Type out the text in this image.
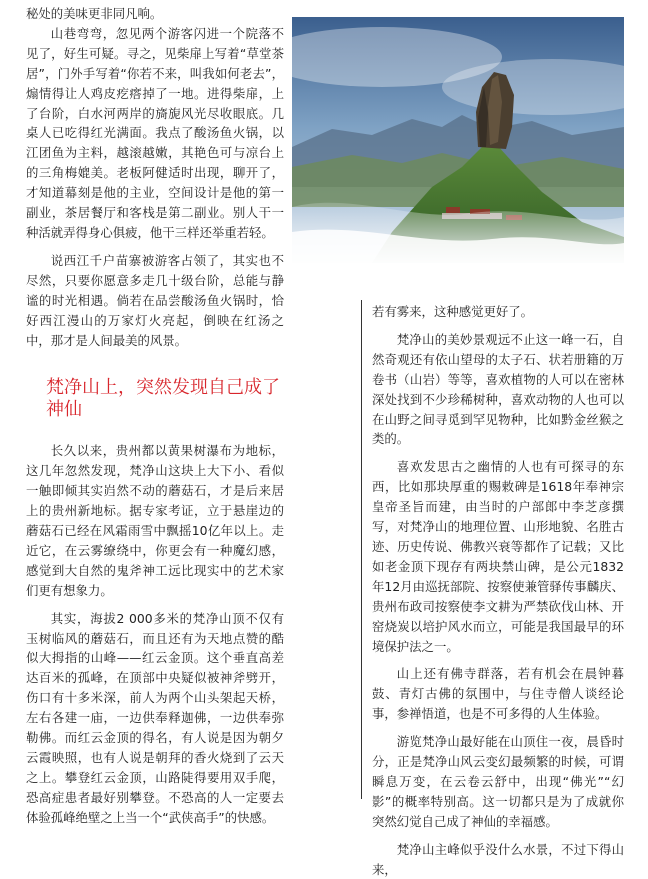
秘处的美味更非同凡响。

山巷弯弯，忽见两个游客闪进一个院落不见了，好生可疑。寻之，见柴扉上写着“草堂茶居”，门外手写着“你若不来，叫我如何老去”，煽情得让人鸡皮疙瘩掉了一地。进得柴扉，上了台阶，白水河两岸的旖旎风光尽收眼底。几桌人已吃得红光满面。我点了酸汤鱼火锅，以江团鱼为主料，越滚越嫩，其艳色可与凉台上的三角梅媲美。老板阿健适时出现，聊开了，才知道幕刻是他的主业，空间设计是他的第一副业，茶居餐厅和客栈是第二副业。别人干一种活就弄得身心俱疲，他干三样还举重若轻。

说西江千户苗寨被游客占领了，其实也不尽然，只要你愿意多走几十级台阶，总能与静谧的时光相遇。倘若在品尝酸汤鱼火锅时，恰好西江漫山的万家灯火亮起，倒映在红汤之中，那才是人间最美的风景。

梵净山上，突然发现自己成了神仙

长久以来，贵州都以黄果树瀑布为地标，这几年忽然发现，梵净山这块上大下小、看似一触即倾其实岿然不动的蘑菇石，才是后来居上的贵州新地标。据专家考证，立于悬崖边的蘑菇石已经在风霜雨雪中飘摇10亿年以上。走近它，在云雾缭绕中，你更会有一种魔幻感，感觉到大自然的鬼斧神工远比现实中的艺术家们更有想象力。

其实，海拔2 000多米的梵净山顶不仅有玉树临风的蘑菇石，而且还有为天地点赞的酷似大拇指的山峰——红云金顶。这个垂直高差达百米的孤峰，在顶部中央疑似被神斧劈开，伤口有十多米深，前人为两个山头架起天桥，左右各建一庙，一边供奉释迦佛，一边供奉弥勒佛。而红云金顶的得名，有人说是因为朝夕云霞映照，也有人说是朝拜的香火烧到了云天之上。攀登红云金顶，山路陡得要用双手爬，恐高症患者最好别攀登。不恐高的人一定要去体验孤峰绝壁之上当一个“武侠高手”的快感。

若有雾来，这种感觉更好了。

梵净山的美妙景观远不止这一峰一石，自然奇观还有依山望母的太子石、状若册籍的万卷书（山岩）等等，喜欢植物的人可以在密林深处找到不少珍稀树种，喜欢动物的人也可以在山野之间寻觅到罕见物种，比如黔金丝猴之类的。

喜欢发思古之幽情的人也有可探寻的东西，比如那块厚重的赐敕碑是1618年奉神宗皇帝圣旨而建，由当时的户部郎中李芝彦撰写，对梵净山的地理位置、山形地貌、名胜古迹、历史传说、佛教兴衰等都作了记载；又比如老金顶下现存有两块禁山碑，是公元1832年12月由巡抚部院、按察使兼管驿传事麟庆、贵州布政司按察使李文耕为严禁砍伐山林、开窑烧炭以培护风水而立，可能是我国最早的环境保护法之一。

山上还有佛寺群落，若有机会在晨钟暮鼓、青灯古佛的氛围中，与住寺僧人谈经论事，参禅悟道，也是不可多得的人生体验。

游览梵净山最好能在山顶住一夜，晨昏时分，正是梵净山风云变幻最频繁的时候，可谓瞬息万变，在云卷云舒中，出现“佛光”“幻影”的概率特别高。这一切都只是为了成就你突然幻觉自己成了神仙的幸福感。

梵净山主峰似乎没什么水景，不过下得山来，
